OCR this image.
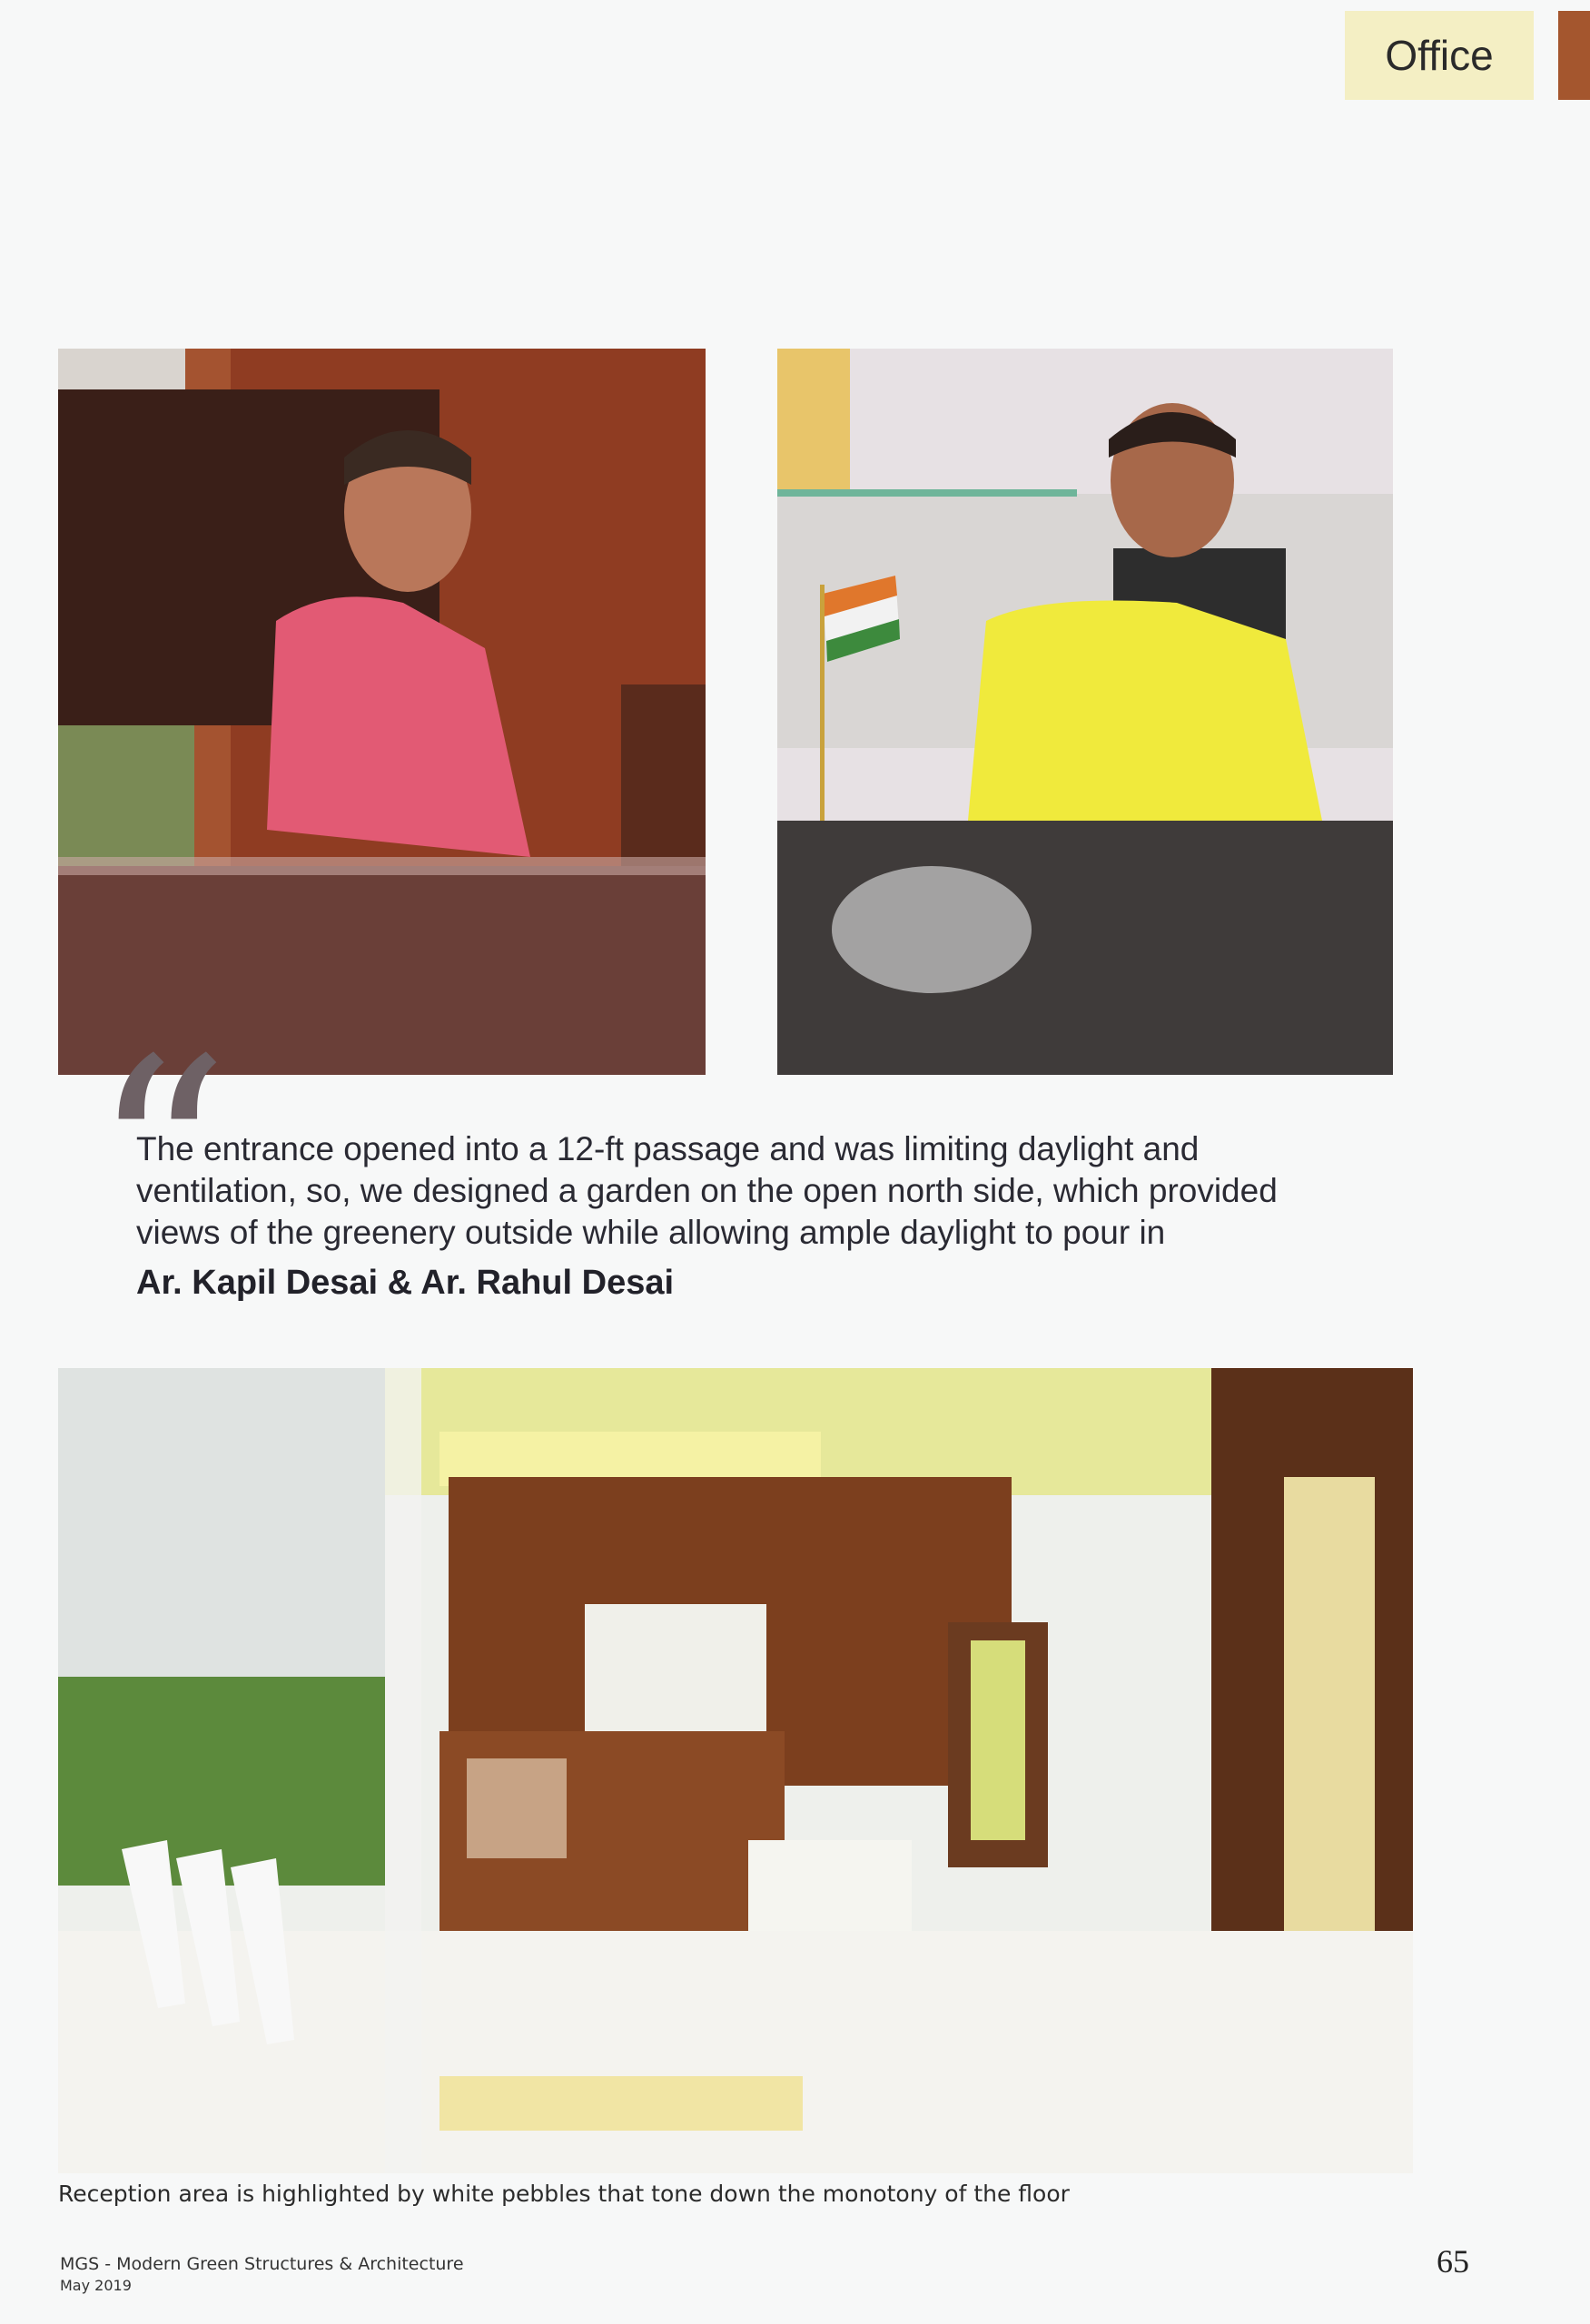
Office
“
The entrance opened into a 12-ft passage and was limiting daylight and ventilation, so, we designed a garden on the open north side, which provided views of the greenery outside while allowing ample daylight to pour in
Ar. Kapil Desai & Ar. Rahul Desai
Reception area is highlighted by white pebbles that tone down the monotony of the floor
MGS - Modern Green Structures & Architecture
May 2019
65
